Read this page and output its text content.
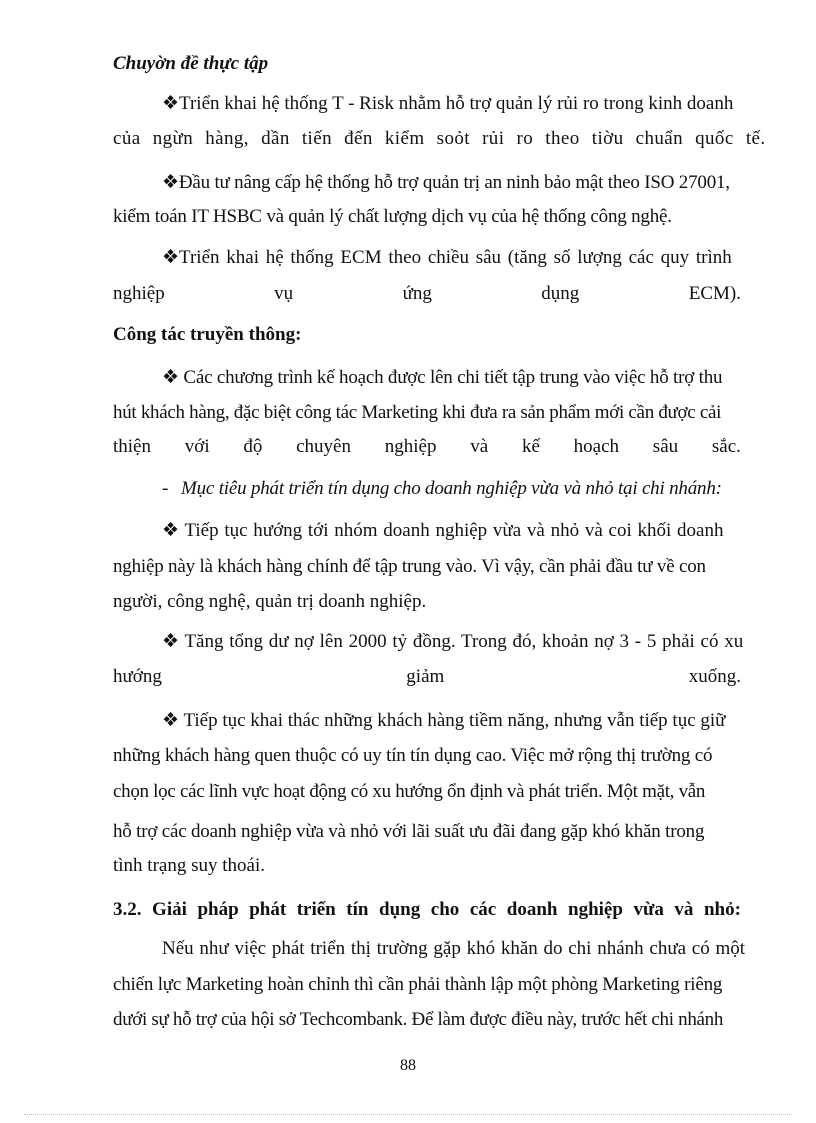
Chuyờn đề thực tập
❖Triển khai hệ thống T - Risk nhằm hỗ trợ quản lý rủi ro trong kinh doanh
của ngừn hàng, dần tiến đến kiểm soỏt rủi ro theo tiờu chuẩn quốc tế.
❖Đầu tư nâng cấp hệ thống hỗ trợ quản trị an ninh bảo mật theo ISO 27001,
kiểm toán IT HSBC và quản lý chất lượng dịch vụ của hệ thống công nghệ.
❖Triển khai hệ thống ECM theo chiều sâu (tăng số lượng các quy trình
nghiệp	vụ	ứng	dụng	ECM).
Công tác truyền thông:
❖ Các chương trình kế hoạch được lên chi tiết tập trung vào việc hỗ trợ thu
hút khách hàng, đặc biệt công tác Marketing khi đưa ra sản phẩm mới cần được cải
thiện với độ chuyên nghiệp và kế hoạch sâu sắc.
- Mục tiêu phát triển tín dụng cho doanh nghiệp vừa và nhỏ tại chi nhánh:
❖ Tiếp tục hướng tới nhóm doanh nghiệp vừa và nhỏ và coi khối doanh
nghiệp này là khách hàng chính để tập trung vào. Vì vậy, cần phải đầu tư về con
người, công nghệ, quản trị doanh nghiệp.
❖ Tăng tổng dư nợ lên 2000 tỷ đồng. Trong đó, khoản nợ 3 - 5 phải có xu
hướng	giảm	xuống.
❖ Tiếp tục khai thác những khách hàng tiềm năng, nhưng vẫn tiếp tục giữ
những khách hàng quen thuộc có uy tín tín dụng cao. Việc mở rộng thị trường có
chọn lọc các lĩnh vực hoạt động có xu hướng ổn định và phát triển. Một mặt, vẫn
hỗ trợ các doanh nghiệp vừa và nhỏ với lãi suất ưu đãi đang gặp khó khăn trong
tình trạng suy thoái.
3.2. Giải pháp phát triển tín dụng cho các doanh nghiệp vừa và nhỏ:
Nếu như việc phát triển thị trường gặp khó khăn do chi nhánh chưa có một
chiến lực Marketing hoàn chỉnh thì cần phải thành lập một phòng Marketing riêng
dưới sự hỗ trợ của hội sở Techcombank. Để làm được điều này, trước hết chi nhánh
88
